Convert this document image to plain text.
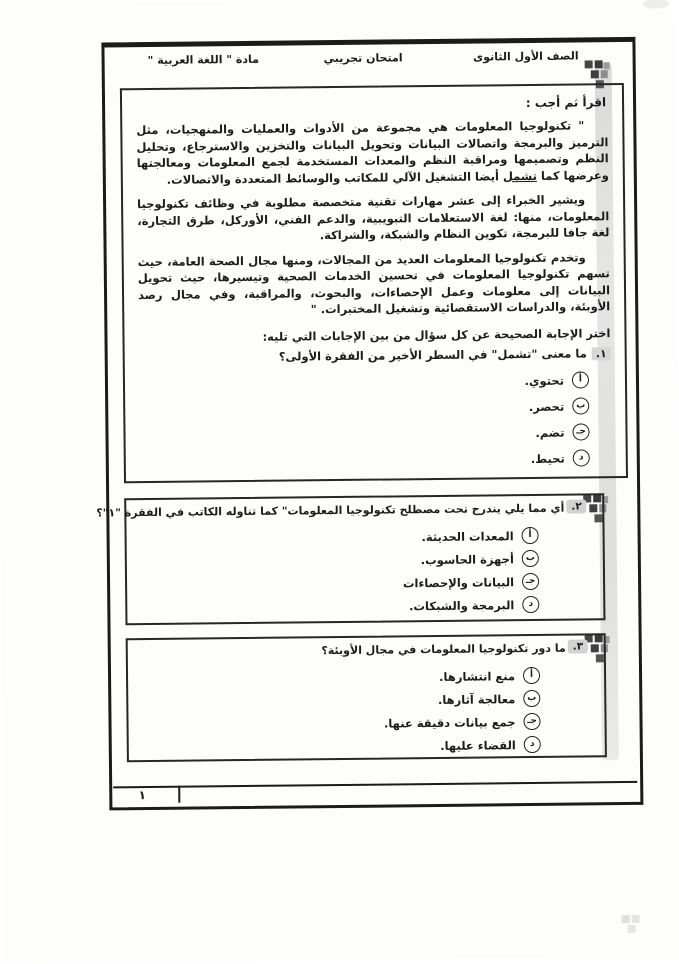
الصف الأول الثانوى
امتحان تجريبي
مادة " اللغة العربية "
اقرأ ثم أجب :

" تكنولوجيا المعلومات هي مجموعة من الأدوات والعمليات والمنهجيات، مثل الترميز والبرمجة واتصالات البيانات وتحويل البيانات والتخزين والاسترجاع، وتحليل النظم وتصميمها ومراقبة النظم والمعدات المستخدمة لجمع المعلومات ومعالجتها وعرضها كما تشمل أيضا التشغيل الآلي للمكاتب والوسائط المتعددة والاتصالات.

ويشير الخبراء إلى عشر مهارات تقنية متخصصة مطلوبة في وظائف تكنولوجيا المعلومات، منها: لغة الاستعلامات التبويبية، والدعم الفني، الأوركل، طرق التجارة، لغة جافا للبرمجة، تكوين النظام والشبكة، والشراكة.

وتخدم تكنولوجيا المعلومات العديد من المجالات، ومنها مجال الصحة العامة، حيث تسهم تكنولوجيا المعلومات في تحسين الخدمات الصحية وتيسيرها، حيث تحويل البيانات إلى معلومات وعمل الإحصاءات، والبحوث، والمراقبة، وفي مجال رصد الأوبئة، والدراسات الاستقصائية وتشغيل المختبرات. "

اختر الإجابة الصحيحة عن كل سؤال من بين الإجابات التي تليه:
١.ما معنى "تشمل" في السطر الأخير من الفقرة الأولى؟
أ
تحتوي.
ب
تحصر.
جـ
تضم.
د
تحيط.
.٢
أي مما يلي يندرج تحت مصطلح تكنولوجيا المعلومات" كما تناوله الكاتب في الفقرة "١"؟
أ
المعدات الحديثة.
ب
أجهزة الحاسوب.
جـ
البيانات والإحصاءات
د
البرمجة والشبكات.
.٣
ما دور تكنولوجيا المعلومات في مجال الأوبئة؟
أ
منع انتشارها.
ب
معالجة آثارها.
جـ
جمع بيانات دقيقة عنها.
د
القضاء عليها.
١
